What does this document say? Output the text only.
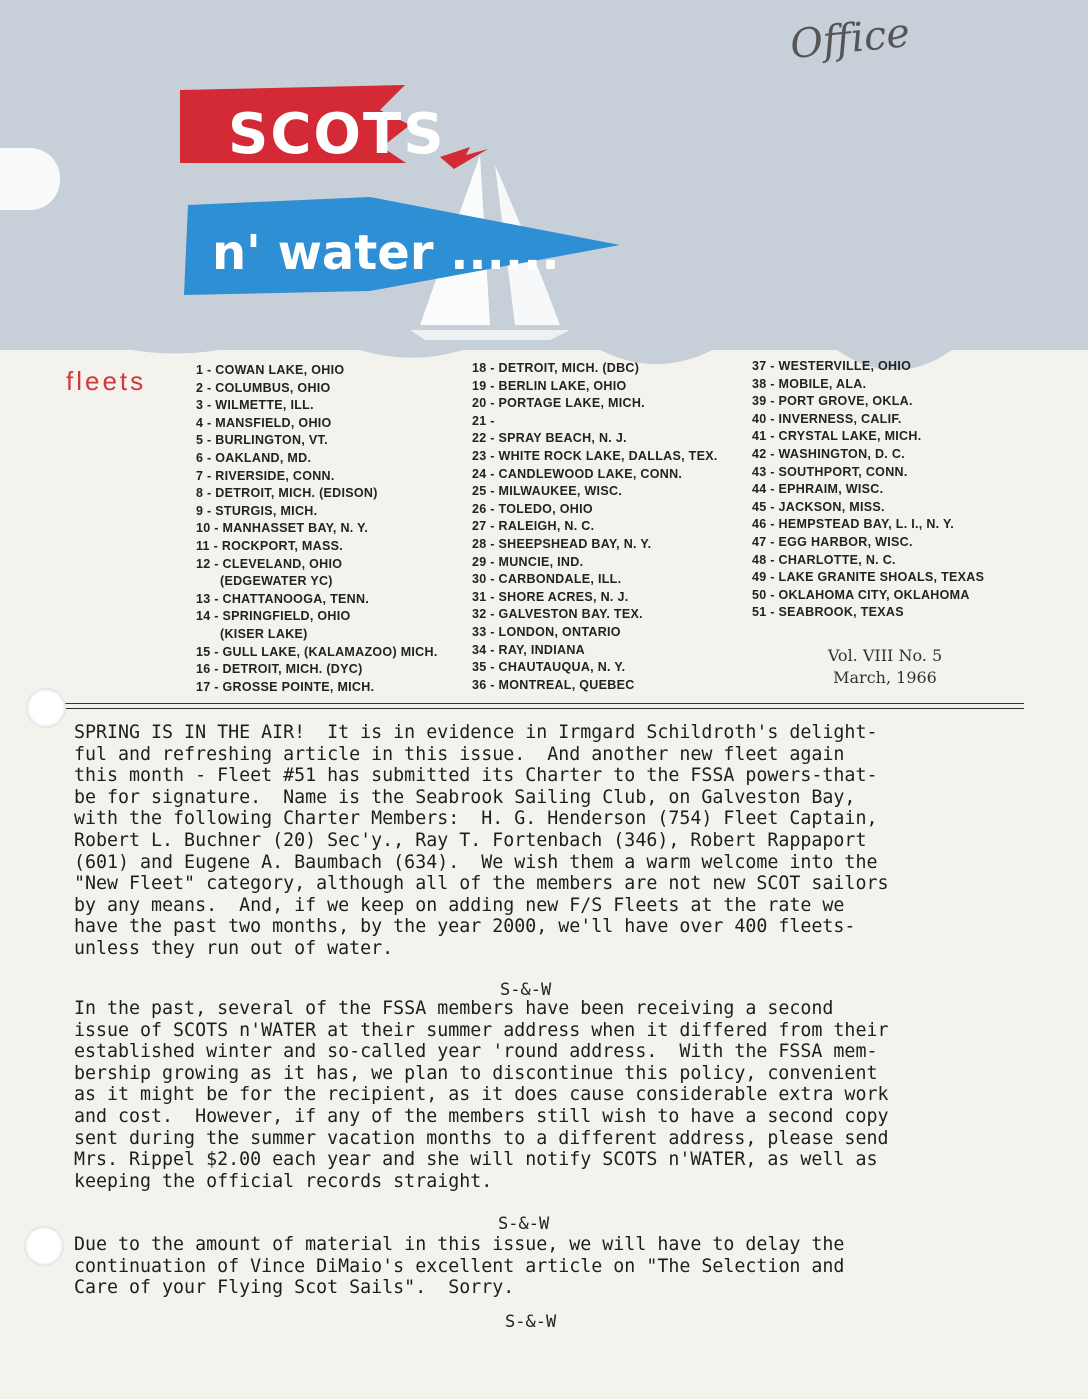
Office
SCOTS
n' water ......
fleets	1 - COWAN LAKE, OHIO
2 - COLUMBUS, OHIO
3 - WILMETTE, ILL.
4 - MANSFIELD, OHIO
5 - BURLINGTON, VT.
6 - OAKLAND, MD.
7 - RIVERSIDE, CONN.
8 - DETROIT, MICH. (EDISON)
9 - STURGIS, MICH.
10 - MANHASSET BAY, N. Y.
11 - ROCKPORT, MASS.
12 - CLEVELAND, OHIO
(EDGEWATER YC)
13 - CHATTANOOGA, TENN.
14 - SPRINGFIELD, OHIO
(KISER LAKE)
15 - GULL LAKE, (KALAMAZOO) MICH.
16 - DETROIT, MICH. (DYC)
17 - GROSSE POINTE, MICH.
18 - DETROIT, MICH. (DBC)
19 - BERLIN LAKE, OHIO
20 - PORTAGE LAKE, MICH.
21 -
22 - SPRAY BEACH, N. J.
23 - WHITE ROCK LAKE, DALLAS, TEX.
24 - CANDLEWOOD LAKE, CONN.
25 - MILWAUKEE, WISC.
26 - TOLEDO, OHIO
27 - RALEIGH, N. C.
28 - SHEEPSHEAD BAY, N. Y.
29 - MUNCIE, IND.
30 - CARBONDALE, ILL.
31 - SHORE ACRES, N. J.
32 - GALVESTON BAY. TEX.
33 - LONDON, ONTARIO
34 - RAY, INDIANA
35 - CHAUTAUQUA, N. Y.
36 - MONTREAL, QUEBEC
37 - WESTERVILLE, OHIO
38 - MOBILE, ALA.
39 - PORT GROVE, OKLA.
40 - INVERNESS, CALIF.
41 - CRYSTAL LAKE, MICH.
42 - WASHINGTON, D. C.
43 - SOUTHPORT, CONN.
44 - EPHRAIM, WISC.
45 - JACKSON, MISS.
46 - HEMPSTEAD BAY, L. I., N. Y.
47 - EGG HARBOR, WISC.
48 - CHARLOTTE, N. C.
49 - LAKE GRANITE SHOALS, TEXAS
50 - OKLAHOMA CITY, OKLAHOMA
51 - SEABROOK, TEXAS
Vol. VIII No. 5
March, 1966
SPRING IS IN THE AIR!  It is in evidence in Irmgard Schildroth's delight-
ful and refreshing article in this issue.  And another new fleet again
this month - Fleet #51 has submitted its Charter to the FSSA powers-that-
be for signature.  Name is the Seabrook Sailing Club, on Galveston Bay,
with the following Charter Members:  H. G. Henderson (754) Fleet Captain,
Robert L. Buchner (20) Sec'y., Ray T. Fortenbach (346), Robert Rappaport
(601) and Eugene A. Baumbach (634).  We wish them a warm welcome into the
"New Fleet" category, although all of the members are not new SCOT sailors
by any means.  And, if we keep on adding new F/S Fleets at the rate we
have the past two months, by the year 2000, we'll have over 400 fleets-
unless they run out of water.
S-&-W
In the past, several of the FSSA members have been receiving a second
issue of SCOTS n'WATER at their summer address when it differed from their
established winter and so-called year 'round address.  With the FSSA mem-
bership growing as it has, we plan to discontinue this policy, convenient
as it might be for the recipient, as it does cause considerable extra work
and cost.  However, if any of the members still wish to have a second copy
sent during the summer vacation months to a different address, please send
Mrs. Rippel $2.00 each year and she will notify SCOTS n'WATER, as well as
keeping the official records straight.
S-&-W
Due to the amount of material in this issue, we will have to delay the
continuation of Vince DiMaio's excellent article on "The Selection and
Care of your Flying Scot Sails".  Sorry.
S-&-W
